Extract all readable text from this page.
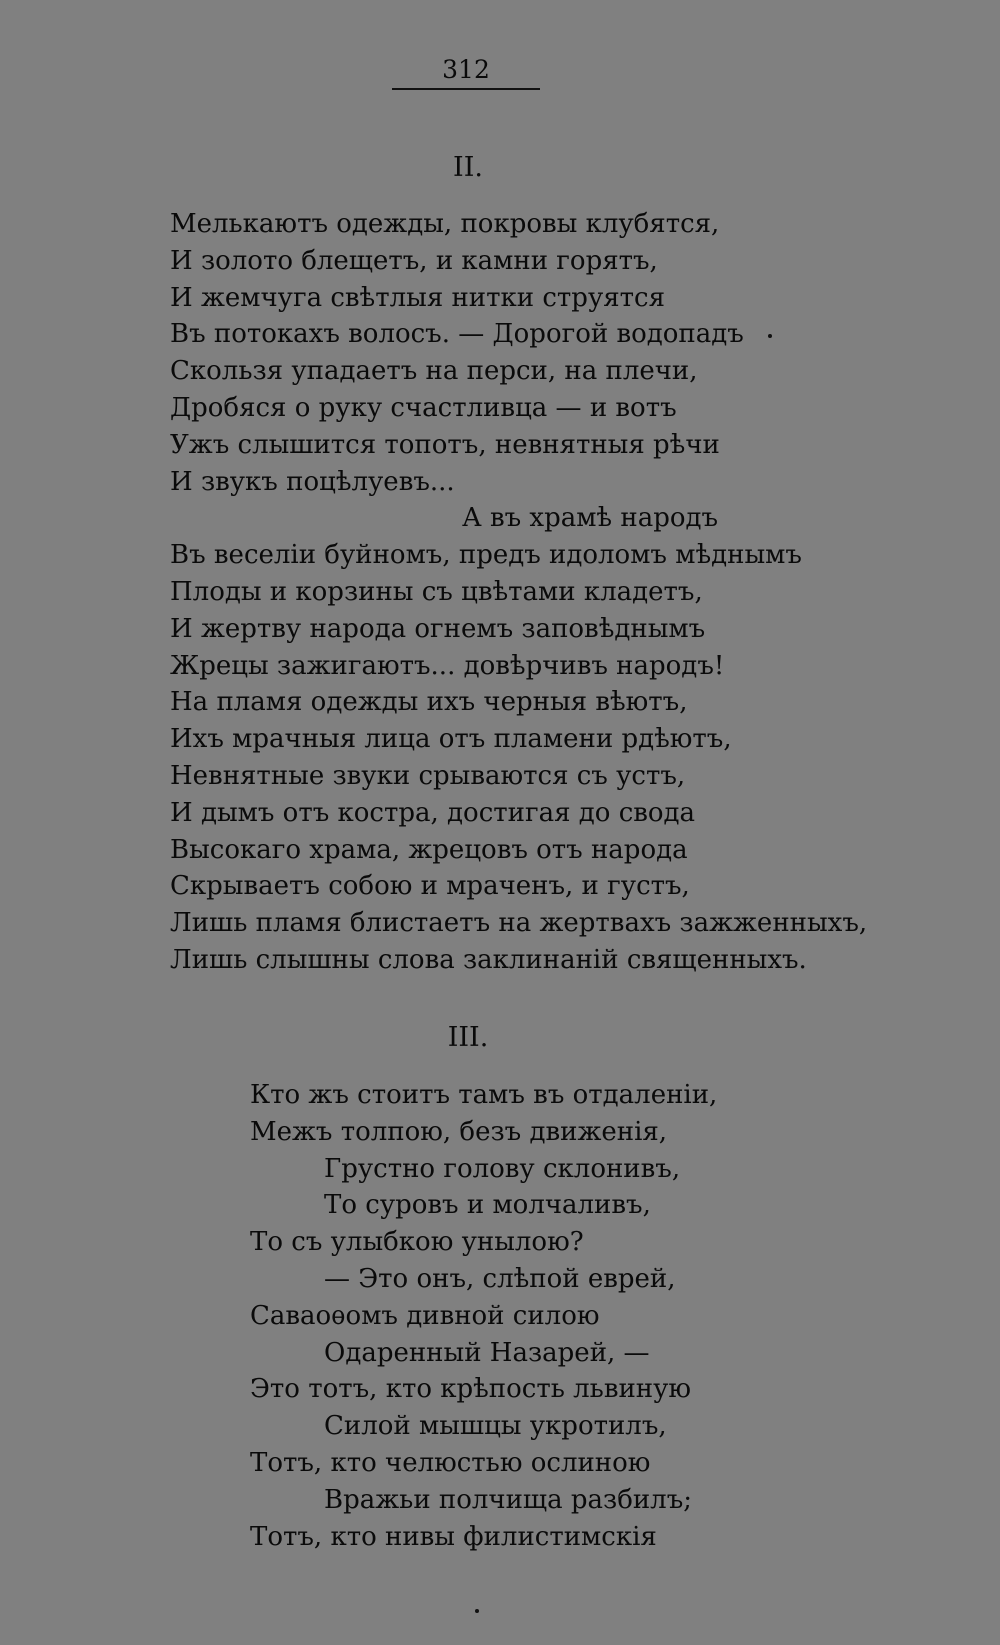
312
II.
Мелькаютъ одежды, покровы клубятся,
И золото блещетъ, и камни горятъ,
И жемчуга свѣтлыя нитки струятся
Въ потокахъ волосъ. — Дорогой водопадъ
Скользя упадаетъ на перси, на плечи,
Дробяся о руку счастливца — и вотъ
Ужъ слышится топотъ, невнятныя рѣчи
И звукъ поцѣлуевъ...
А въ храмѣ народъ
Въ веселіи буйномъ, предъ идоломъ мѣднымъ
Плоды и корзины съ цвѣтами кладетъ,
И жертву народа огнемъ заповѣднымъ
Жрецы зажигаютъ... довѣрчивъ народъ!
На пламя одежды ихъ черныя вѣютъ,
Ихъ мрачныя лица отъ пламени рдѣютъ,
Невнятные звуки срываются съ устъ,
И дымъ отъ костра, достигая до свода
Высокаго храма, жрецовъ отъ народа
Скрываетъ собою и мраченъ, и густъ,
Лишь пламя блистаетъ на жертвахъ зажженныхъ,
Лишь слышны слова заклинаній священныхъ.
III.
Кто жъ стоитъ тамъ въ отдаленіи,
Межъ толпою, безъ движенія,
Грустно голову склонивъ,
То суровъ и молчаливъ,
То съ улыбкою унылою?
— Это онъ, слѣпой еврей,
Саваоѳомъ дивной силою
Одаренный Назарей, —
Это тотъ, кто крѣпость львиную
Силой мышцы укротилъ,
Тотъ, кто челюстью ослиною
Вражьи полчища разбилъ;
Тотъ, кто нивы филистимскія
